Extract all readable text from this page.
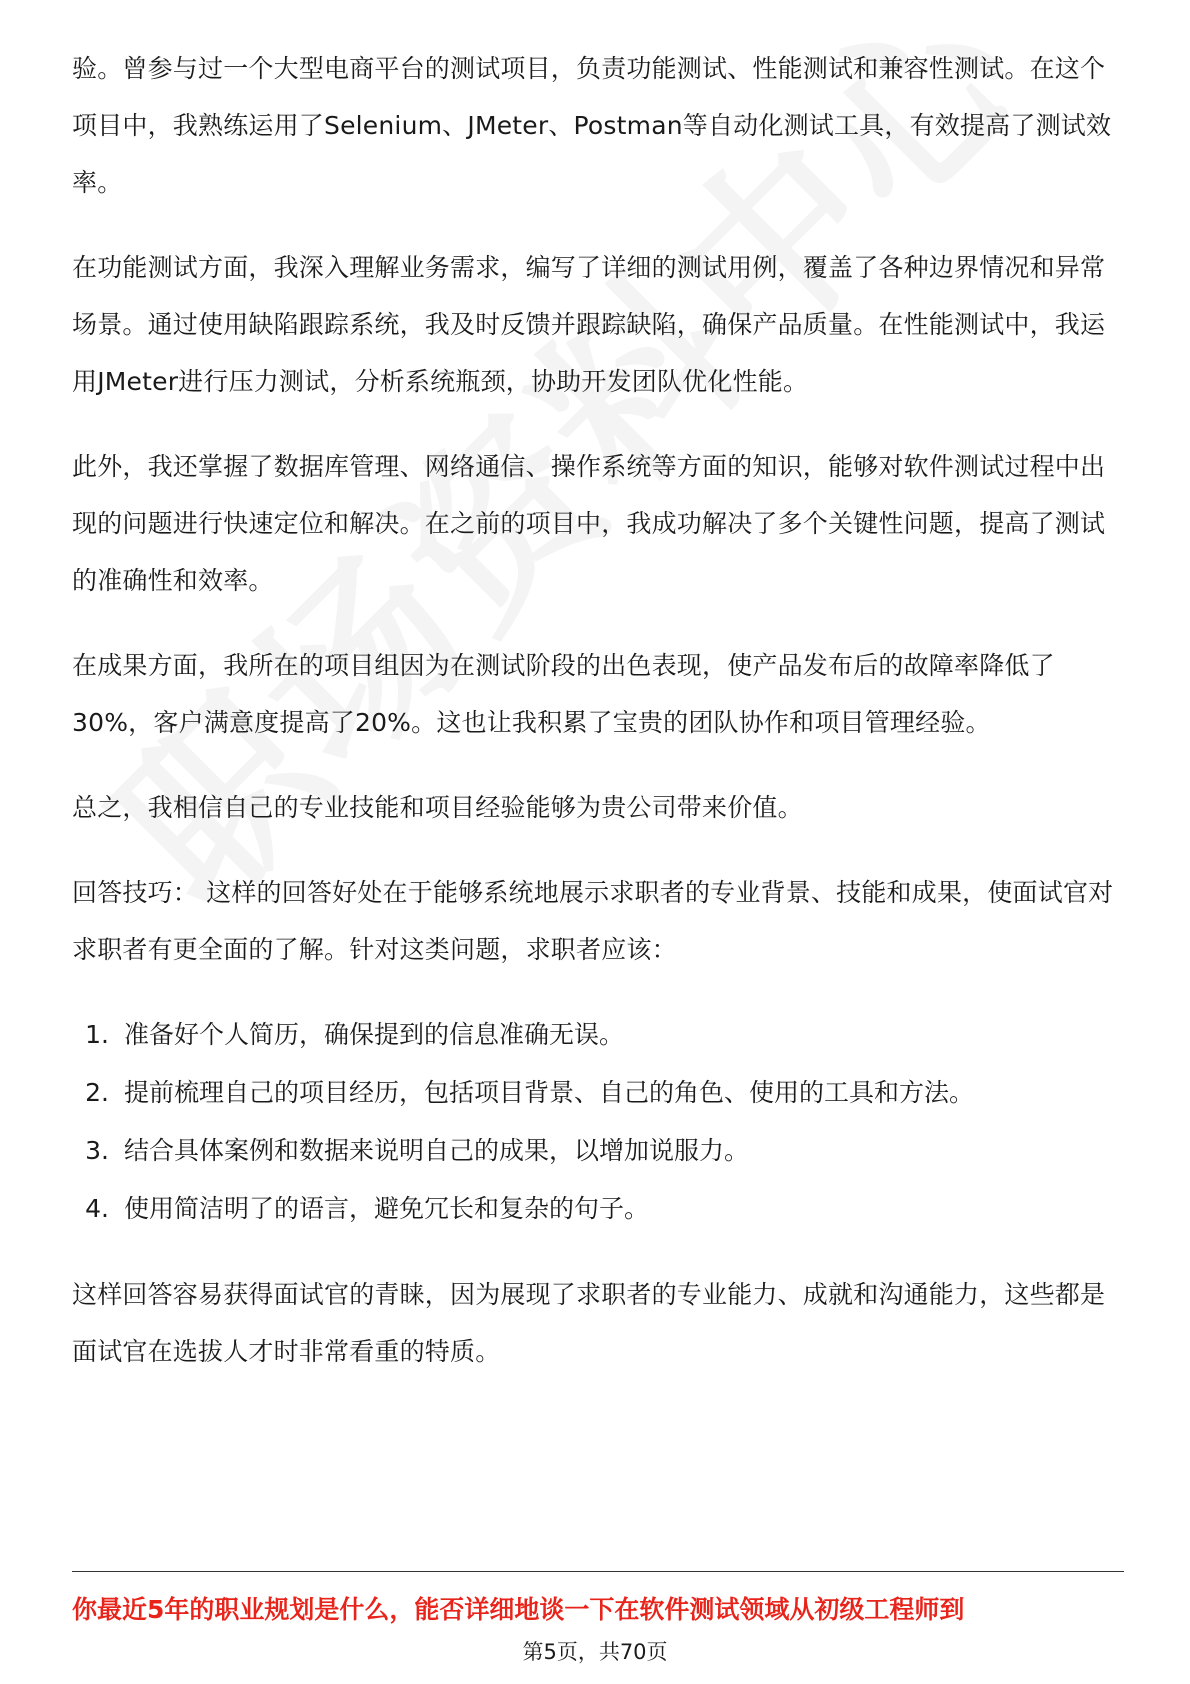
验。曾参与过一个大型电商平台的测试项目，负责功能测试、性能测试和兼容性测试。在这个项目中，我熟练运用了Selenium、JMeter、Postman等自动化测试工具，有效提高了测试效率。

在功能测试方面，我深入理解业务需求，编写了详细的测试用例，覆盖了各种边界情况和异常场景。通过使用缺陷跟踪系统，我及时反馈并跟踪缺陷，确保产品质量。在性能测试中，我运用JMeter进行压力测试，分析系统瓶颈，协助开发团队优化性能。

此外，我还掌握了数据库管理、网络通信、操作系统等方面的知识，能够对软件测试过程中出现的问题进行快速定位和解决。在之前的项目中，我成功解决了多个关键性问题，提高了测试的准确性和效率。

在成果方面，我所在的项目组因为在测试阶段的出色表现，使产品发布后的故障率降低了30%，客户满意度提高了20%。这也让我积累了宝贵的团队协作和项目管理经验。

总之，我相信自己的专业技能和项目经验能够为贵公司带来价值。

回答技巧： 这样的回答好处在于能够系统地展示求职者的专业背景、技能和成果，使面试官对求职者有更全面的了解。针对这类问题，求职者应该：

1. 准备好个人简历，确保提到的信息准确无误。
2. 提前梳理自己的项目经历，包括项目背景、自己的角色、使用的工具和方法。
3. 结合具体案例和数据来说明自己的成果，以增加说服力。
4. 使用简洁明了的语言，避免冗长和复杂的句子。

这样回答容易获得面试官的青睐，因为展现了求职者的专业能力、成就和沟通能力，这些都是面试官在选拔人才时非常看重的特质。

你最近5年的职业规划是什么，能否详细地谈一下在软件测试领域从初级工程师到
第5页，共70页
